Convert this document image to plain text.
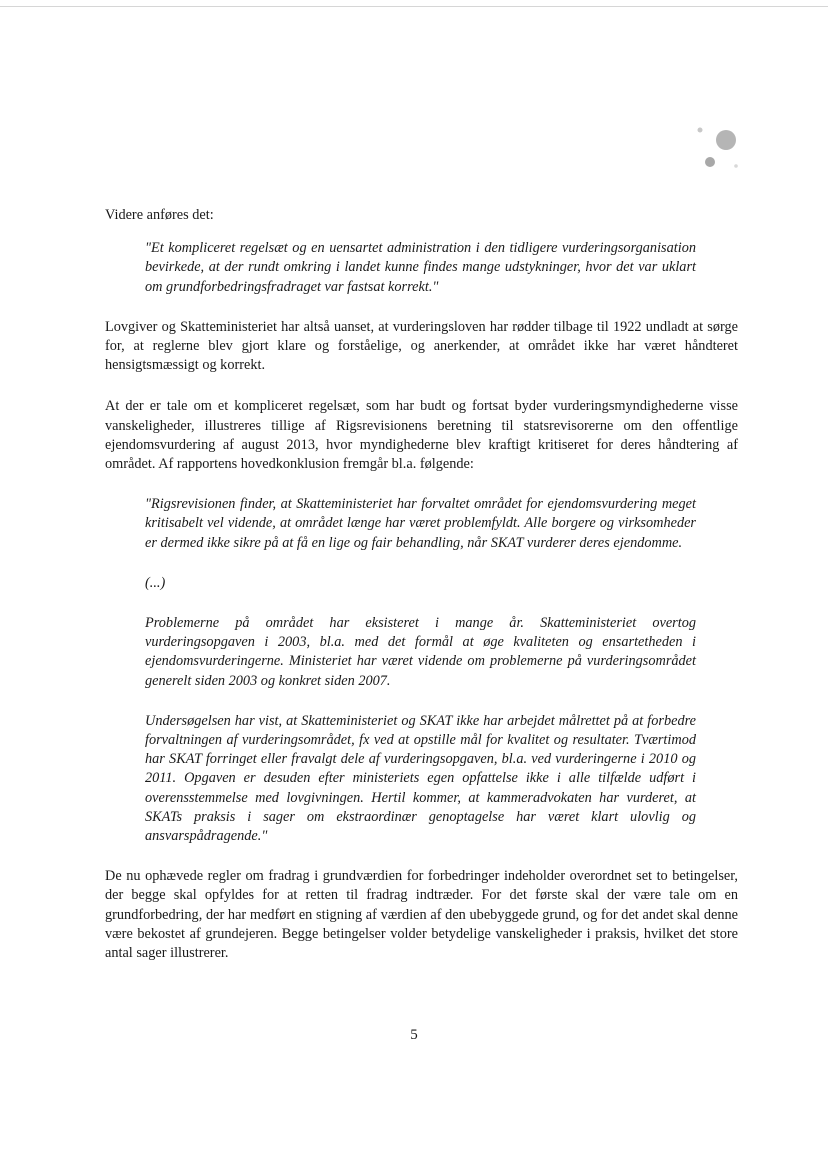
Videre anføres det:

"Et kompliceret regelsæt og en uensartet administration i den tidligere vurderingsorganisation bevirkede, at der rundt omkring i landet kunne findes mange udstykninger, hvor det var uklart om grundforbedringsfradraget var fastsat korrekt."

Lovgiver og Skatteministeriet har altså uanset, at vurderingsloven har rødder tilbage til 1922 undladt at sørge for, at reglerne blev gjort klare og forståelige, og anerkender, at området ikke har været håndteret hensigtsmæssigt og korrekt.

At der er tale om et kompliceret regelsæt, som har budt og fortsat byder vurderingsmyndighederne visse vanskeligheder, illustreres tillige af Rigsrevisionens beretning til statsrevisorerne om den offentlige ejendomsvurdering af august 2013, hvor myndighederne blev kraftigt kritiseret for deres håndtering af området. Af rapportens hovedkonklusion fremgår bl.a. følgende:

"Rigsrevisionen finder, at Skatteministeriet har forvaltet området for ejendomsvurdering meget kritisabelt vel vidende, at området længe har været problemfyldt. Alle borgere og virksomheder er dermed ikke sikre på at få en lige og fair behandling, når SKAT vurderer deres ejendomme.

(...)

Problemerne på området har eksisteret i mange år. Skatteministeriet overtog vurderingsopgaven i 2003, bl.a. med det formål at øge kvaliteten og ensartetheden i ejendomsvurderingerne. Ministeriet har været vidende om problemerne på vurderingsområdet generelt siden 2003 og konkret siden 2007.

Undersøgelsen har vist, at Skatteministeriet og SKAT ikke har arbejdet målrettet på at forbedre forvaltningen af vurderingsområdet, fx ved at opstille mål for kvalitet og resultater. Tværtimod har SKAT forringet eller fravalgt dele af vurderingsopgaven, bl.a. ved vurderingerne i 2010 og 2011. Opgaven er desuden efter ministeriets egen opfattelse ikke i alle tilfælde udført i overensstemmelse med lovgivningen. Hertil kommer, at kammeradvokaten har vurderet, at SKATs praksis i sager om ekstraordinær genoptagelse har været klart ulovlig og ansvarspådragende."

De nu ophævede regler om fradrag i grundværdien for forbedringer indeholder overordnet set to betingelser, der begge skal opfyldes for at retten til fradrag indtræder. For det første skal der være tale om en grundforbedring, der har medført en stigning af værdien af den ubebyggede grund, og for det andet skal denne være bekostet af grundejeren. Begge betingelser volder betydelige vanskeligheder i praksis, hvilket det store antal sager illustrerer.

5
